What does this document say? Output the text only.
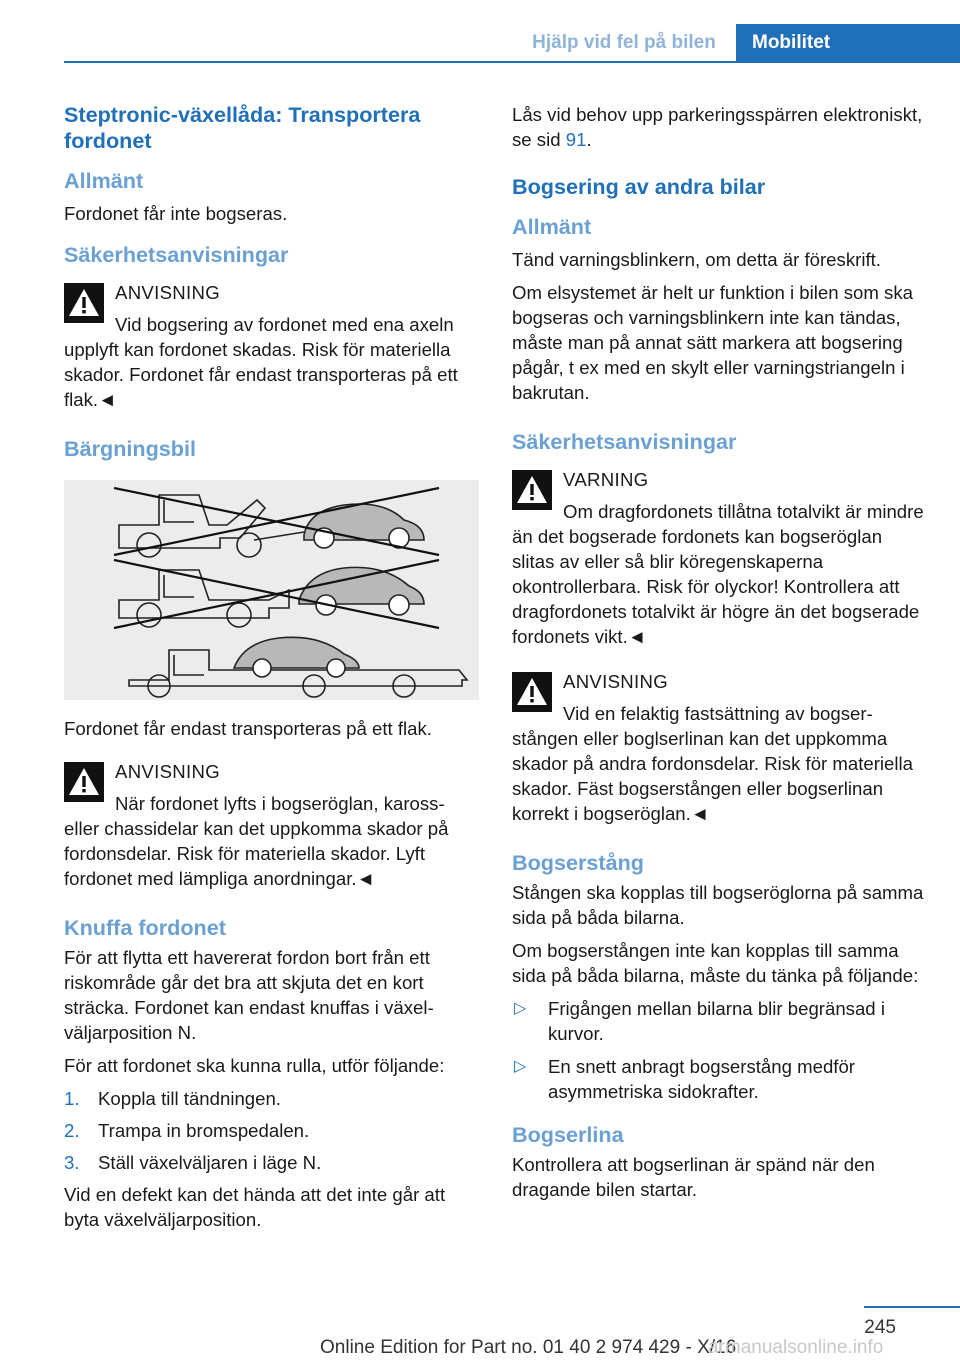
Hjälp vid fel på bilen	Mobilitet
Steptronic-växellåda: Transportera fordonet
Allmänt

Fordonet får inte bogseras.

Säkerhetsanvisningar

ANVISNING

Vid bogsering av fordonet med ena axeln upplyft kan fordonet skadas. Risk för materiella skador. Fordonet får endast transporteras på ett flak.◄

Bärgningsbil

Fordonet får endast transporteras på ett flak.

ANVISNING

När fordonet lyfts i bogseröglan, kaross- eller chassidelar kan det uppkomma skador på fordonsdelar. Risk för materiella skador. Lyft fordonet med lämpliga anordningar.◄

Knuffa fordonet

För att flytta ett havererat fordon bort från ett riskområde går det bra att skjuta det en kort sträcka. Fordonet kan endast knuffas i växelväljarposition N.

För att fordonet ska kunna rulla, utför följande:

1. Koppla till tändningen.
2. Trampa in bromspedalen.
3. Ställ växelväljaren i läge N.

Vid en defekt kan det hända att det inte går att byta växelväljarposition.

Lås vid behov upp parkeringsspärren elektroniskt, se sid 91.

Bogsering av andra bilar
Allmänt

Tänd varningsblinkern, om detta är föreskrift.

Om elsystemet är helt ur funktion i bilen som ska bogseras och varningsblinkern inte kan tändas, måste man på annat sätt markera att bogsering pågår, t ex med en skylt eller varningstriangeln i bakrutan.

Säkerhetsanvisningar

VARNING

Om dragfordonets tillåtna totalvikt är mindre än det bogserade fordonets kan bogseröglan slitas av eller så blir köregenskaperna okontrollerbara. Risk för olyckor! Kontrollera att dragfordonets totalvikt är högre än det bogserade fordonets vikt.◄

ANVISNING

Vid en felaktig fastsättning av bogserstången eller boglserlinan kan det uppkomma skador på andra fordonsdelar. Risk för materiella skador. Fäst bogserstången eller bogserlinan korrekt i bogseröglan.◄

Bogserstång

Stången ska kopplas till bogseröglorna på samma sida på båda bilarna.

Om bogserstången inte kan kopplas till samma sida på båda bilarna, måste du tänka på följande:

▷	Frigången mellan bilarna blir begränsad i kurvor.
▷	En snett anbragt bogserstång medför asymmetriska sidokrafter.
Bogserlina

Kontrollera att bogserlinan är spänd när den dragande bilen startar.

245
Online Edition for Part no. 01 40 2 974 429 - X/16
armanualsonline.info
